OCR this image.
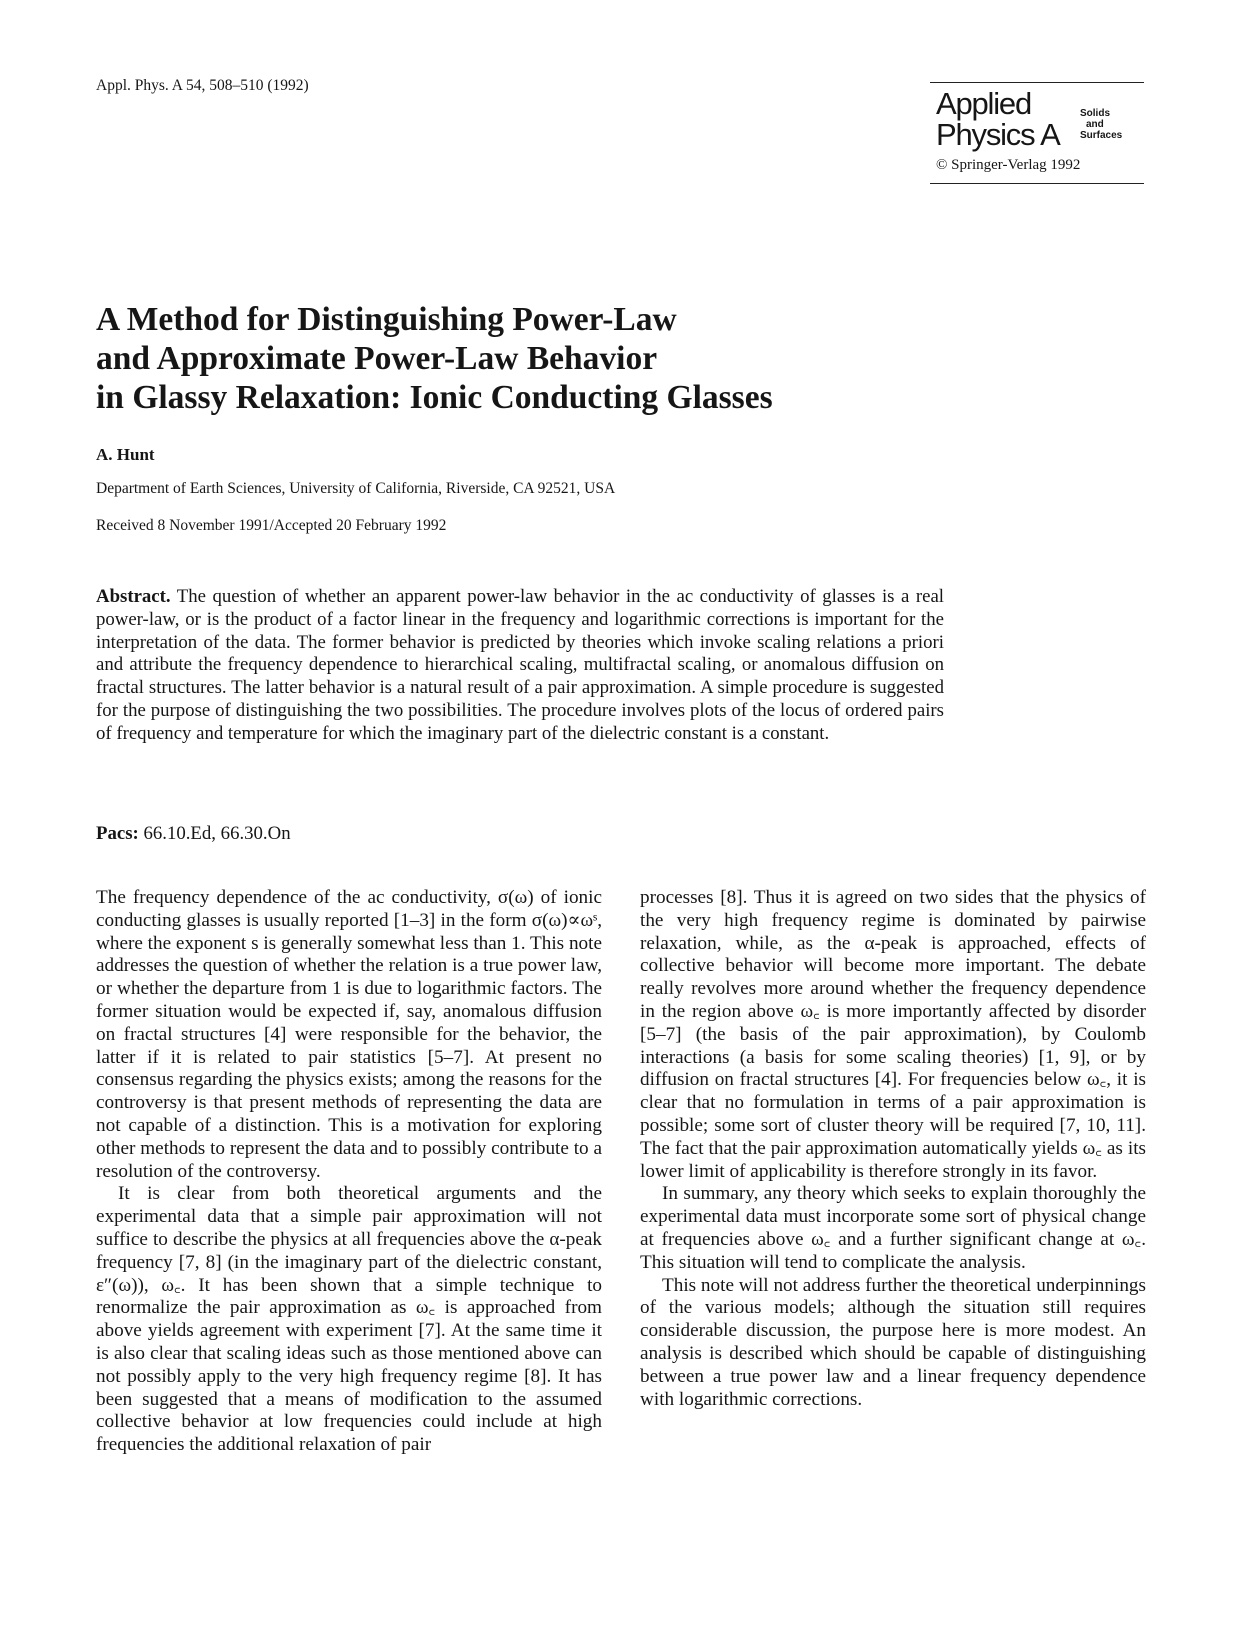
Appl. Phys. A 54, 508–510 (1992)
Applied
Physics A
Solids
and
Surfaces
© Springer-Verlag 1992
A Method for Distinguishing Power-Law
and Approximate Power-Law Behavior
in Glassy Relaxation: Ionic Conducting Glasses
A. Hunt
Department of Earth Sciences, University of California, Riverside, CA 92521, USA
Received 8 November 1991/Accepted 20 February 1992

Abstract. The question of whether an apparent power-law behavior in the ac conductivity of glasses is a real power-law, or is the product of a factor linear in the frequency and logarithmic corrections is important for the interpretation of the data. The former behavior is predicted by theories which invoke scaling relations a priori and attribute the frequency dependence to hierarchical scaling, multifractal scaling, or anomalous diffusion on fractal structures. The latter behavior is a natural result of a pair approximation. A simple procedure is suggested for the purpose of distinguishing the two possibilities. The procedure involves plots of the locus of ordered pairs of frequency and temperature for which the imaginary part of the dielectric constant is a constant.

Pacs: 66.10.Ed, 66.30.On

The frequency dependence of the ac conductivity, σ(ω) of ionic conducting glasses is usually reported [1–3] in the form σ(ω)∝ωˢ, where the exponent s is generally somewhat less than 1. This note addresses the question of whether the relation is a true power law, or whether the departure from 1 is due to logarithmic factors. The former situation would be expected if, say, anomalous diffusion on fractal structures [4] were responsible for the behavior, the latter if it is related to pair statistics [5–7]. At present no consensus regarding the physics exists; among the reasons for the controversy is that present methods of representing the data are not capable of a distinction. This is a motivation for exploring other methods to represent the data and to possibly contribute to a resolution of the controversy.

It is clear from both theoretical arguments and the experimental data that a simple pair approximation will not suffice to describe the physics at all frequencies above the α-peak frequency [7, 8] (in the imaginary part of the dielectric constant, ε″(ω)), ω꜀. It has been shown that a simple technique to renormalize the pair approximation as ω꜀ is approached from above yields agreement with experiment [7]. At the same time it is also clear that scaling ideas such as those mentioned above can not possibly apply to the very high frequency regime [8]. It has been suggested that a means of modification to the assumed collective behavior at low frequencies could include at high frequencies the additional relaxation of pair

processes [8]. Thus it is agreed on two sides that the physics of the very high frequency regime is dominated by pairwise relaxation, while, as the α-peak is approached, effects of collective behavior will become more important. The debate really revolves more around whether the frequency dependence in the region above ω꜀ is more importantly affected by disorder [5–7] (the basis of the pair approximation), by Coulomb interactions (a basis for some scaling theories) [1, 9], or by diffusion on fractal structures [4]. For frequencies below ω꜀, it is clear that no formulation in terms of a pair approximation is possible; some sort of cluster theory will be required [7, 10, 11]. The fact that the pair approximation automatically yields ω꜀ as its lower limit of applicability is therefore strongly in its favor.

In summary, any theory which seeks to explain thoroughly the experimental data must incorporate some sort of physical change at frequencies above ω꜀ and a further significant change at ω꜀. This situation will tend to complicate the analysis.

This note will not address further the theoretical underpinnings of the various models; although the situation still requires considerable discussion, the purpose here is more modest. An analysis is described which should be capable of distinguishing between a true power law and a linear frequency dependence with logarithmic corrections.
